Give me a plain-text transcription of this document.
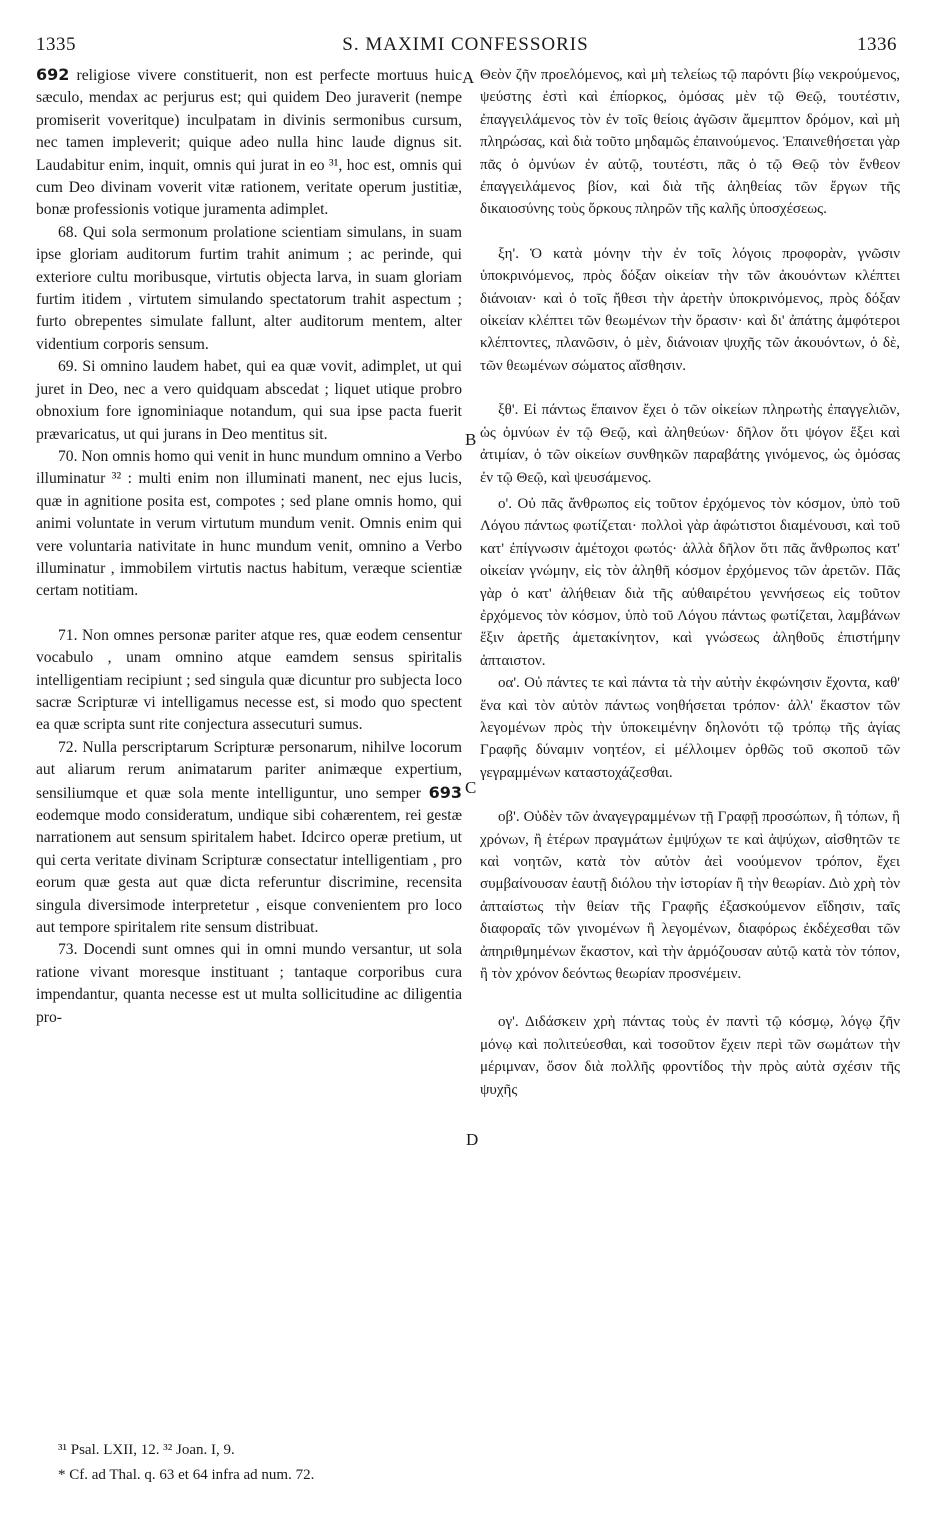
1335	S. MAXIMI CONFESSORIS	1336

692 religiose vivere constituerit, non est perfecte mortuus huic sæculo, mendax ac perjurus est; qui quidem Deo juraverit (nempe promiserit voveritque) inculpatam in divinis sermonibus cursum, nec tamen impleverit; quique adeo nulla hinc laude dignus sit. Laudabitur enim, inquit, omnis qui jurat in eo ³¹, hoc est, omnis qui cum Deo divinam voverit vitæ rationem, veritate operum justitiæ, bonæ professionis votique juramenta adimplet.

68. Qui sola sermonum prolatione scientiam simulans, in suam ipse gloriam auditorum furtim trahit animum ; ac perinde, qui exteriore cultu moribusque, virtutis objecta larva, in suam gloriam furtim itidem , virtutem simulando spectatorum trahit aspectum ; furto obrepentes simulate fallunt, alter auditorum mentem, alter videntium corporis sensum.

69. Si omnino laudem habet, qui ea quæ vovit, adimplet, ut qui juret in Deo, nec a vero quidquam abscedat ; liquet utique probro obnoxium fore ignominiaque notandum, qui sua ipse pacta fuerit prævaricatus, ut qui jurans in Deo mentitus sit.

70. Non omnis homo qui venit in hunc mundum omnino a Verbo illuminatur ³² : multi enim non illuminati manent, nec ejus lucis, quæ in agnitione posita est, compotes ; sed plane omnis homo, qui animi voluntate in verum virtutum mundum venit. Omnis enim qui vere voluntaria nativitate in hunc mundum venit, omnino a Verbo illuminatur , immobilem virtutis nactus habitum, veræque scientiæ certam notitiam.

71. Non omnes personæ pariter atque res, quæ eodem censentur vocabulo , unam omnino atque eamdem sensus spiritalis intelligentiam recipiunt ; sed singula quæ dicuntur pro subjecta loco sacræ Scripturæ vi intelligamus necesse est, si modo quo spectent ea quæ scripta sunt rite conjectura assecuturi sumus.

72. Nulla perscriptarum Scripturæ personarum, nihilve locorum aut aliarum rerum animatarum pariter animæque expertium, sensiliumque et quæ sola mente intelliguntur, uno semper 693 eodemque modo consideratum, undique sibi cohærentem, rei gestæ narrationem aut sensum spiritalem habet. Idcirco operæ pretium, ut qui certa veritate divinam Scripturæ consectatur intelligentiam , pro eorum quæ gesta aut quæ dicta referuntur discrimine, recensita singula diversimode interpretetur , eisque convenientem pro loco aut tempore spiritalem rite sensum distribuat.

73. Docendi sunt omnes qui in omni mundo versantur, ut sola ratione vivant moresque instituant ; tantaque corporibus cura impendantur, quanta necesse est ut multa sollicitudine ac diligentia pro-

A
B
C
D

Θεὸν ζῆν προελόμενος, καὶ μὴ τελείως τῷ παρόντι βίῳ νεκρούμενος, ψεύστης ἐστὶ καὶ ἐπίορκος, ὀμόσας μὲν τῷ Θεῷ, τουτέστιν, ἐπαγγειλάμενος τὸν ἐν τοῖς θείοις ἀγῶσιν ἄμεμπτον δρόμον, καὶ μὴ πληρώσας, καὶ διὰ τοῦτο μηδαμῶς ἐπαινούμενος. Ἐπαινεθήσεται γὰρ πᾶς ὁ ὀμνύων ἐν αὐτῷ, τουτέστι, πᾶς ὁ τῷ Θεῷ τὸν ἔνθεον ἐπαγγειλάμενος βίον, καὶ διὰ τῆς ἀληθείας τῶν ἔργων τῆς δικαιοσύνης τοὺς ὅρκους πληρῶν τῆς καλῆς ὑποσχέσεως.

ξη'. Ὁ κατὰ μόνην τὴν ἐν τοῖς λόγοις προφορὰν, γνῶσιν ὑποκρινόμενος, πρὸς δόξαν οἰκείαν τὴν τῶν ἀκουόντων κλέπτει διάνοιαν· καὶ ὁ τοῖς ἤθεσι τὴν ἀρετὴν ὑποκρινόμενος, πρὸς δόξαν οἰκείαν κλέπτει τῶν θεωμένων τὴν ὅρασιν· καὶ δι' ἀπάτης ἀμφότεροι κλέπτοντες, πλανῶσιν, ὁ μὲν, διάνοιαν ψυχῆς τῶν ἀκουόντων, ὁ δὲ, τῶν θεωμένων σώματος αἴσθησιν.

ξθ'. Εἰ πάντως ἔπαινον ἔχει ὁ τῶν οἰκείων πληρωτὴς ἐπαγγελιῶν, ὡς ὀμνύων ἐν τῷ Θεῷ, καὶ ἀληθεύων· δῆλον ὅτι ψόγον ἕξει καὶ ἀτιμίαν, ὁ τῶν οἰκείων συνθηκῶν παραβάτης γινόμενος, ὡς ὀμόσας ἐν τῷ Θεῷ, καὶ ψευσάμενος.

ο'. Οὐ πᾶς ἄνθρωπος εἰς τοῦτον ἐρχόμενος τὸν κόσμον, ὑπὸ τοῦ Λόγου πάντως φωτίζεται· πολλοὶ γὰρ ἀφώτιστοι διαμένουσι, καὶ τοῦ κατ' ἐπίγνωσιν ἀμέτοχοι φωτός· ἀλλὰ δῆλον ὅτι πᾶς ἄνθρωπος κατ' οἰκείαν γνώμην, εἰς τὸν ἀληθῆ κόσμον ἐρχόμενος τῶν ἀρετῶν. Πᾶς γὰρ ὁ κατ' ἀλήθειαν διὰ τῆς αὐθαιρέτου γεννήσεως εἰς τοῦτον ἐρχόμενος τὸν κόσμον, ὑπὸ τοῦ Λόγου πάντως φωτίζεται, λαμβάνων ἕξιν ἀρετῆς ἀμετακίνητον, καὶ γνώσεως ἀληθοῦς ἐπιστήμην ἀπταιστον.

οα'. Οὐ πάντες τε καὶ πάντα τὰ τὴν αὐτὴν ἐκφώνησιν ἔχοντα, καθ' ἕνα καὶ τὸν αὐτὸν πάντως νοηθήσεται τρόπον· ἀλλ' ἕκαστον τῶν λεγομένων πρὸς τὴν ὑποκειμένην δηλονότι τῷ τρόπῳ τῆς ἁγίας Γραφῆς δύναμιν νοητέον, εἰ μέλλοιμεν ὀρθῶς τοῦ σκοποῦ τῶν γεγραμμένων καταστοχάζεσθαι.

οβ'. Οὐδὲν τῶν ἀναγεγραμμένων τῇ Γραφῇ προσώπων, ἢ τόπων, ἢ χρόνων, ἢ ἑτέρων πραγμάτων ἐμψύχων τε καὶ ἀψύχων, αἰσθητῶν τε καὶ νοητῶν, κατὰ τὸν αὐτὸν ἀεὶ νοούμενον τρόπον, ἔχει συμβαίνουσαν ἑαυτῇ διόλου τὴν ἱστορίαν ἢ τὴν θεωρίαν. Διὸ χρὴ τὸν ἀπταίστως τὴν θείαν τῆς Γραφῆς ἐξασκούμενον εἴδησιν, ταῖς διαφοραῖς τῶν γινομένων ἢ λεγομένων, διαφόρως ἐκδέχεσθαι τῶν ἀπηριθμημένων ἕκαστον, καὶ τὴν ἁρμόζουσαν αὐτῷ κατὰ τὸν τόπον, ἢ τὸν χρόνον δεόντως θεωρίαν προσνέμειν.

ογ'. Διδάσκειν χρὴ πάντας τοὺς ἐν παντὶ τῷ κόσμῳ, λόγῳ ζῆν μόνῳ καὶ πολιτεύεσθαι, καὶ τοσοῦτον ἔχειν περὶ τῶν σωμάτων τὴν μέριμναν, ὅσον διὰ πολλῆς φροντίδος τὴν πρὸς αὐτὰ σχέσιν τῆς ψυχῆς

³¹ Psal. LXII, 12. ³² Joan. I, 9.
* Cf. ad Thal. q. 63 et 64 infra ad num. 72.
